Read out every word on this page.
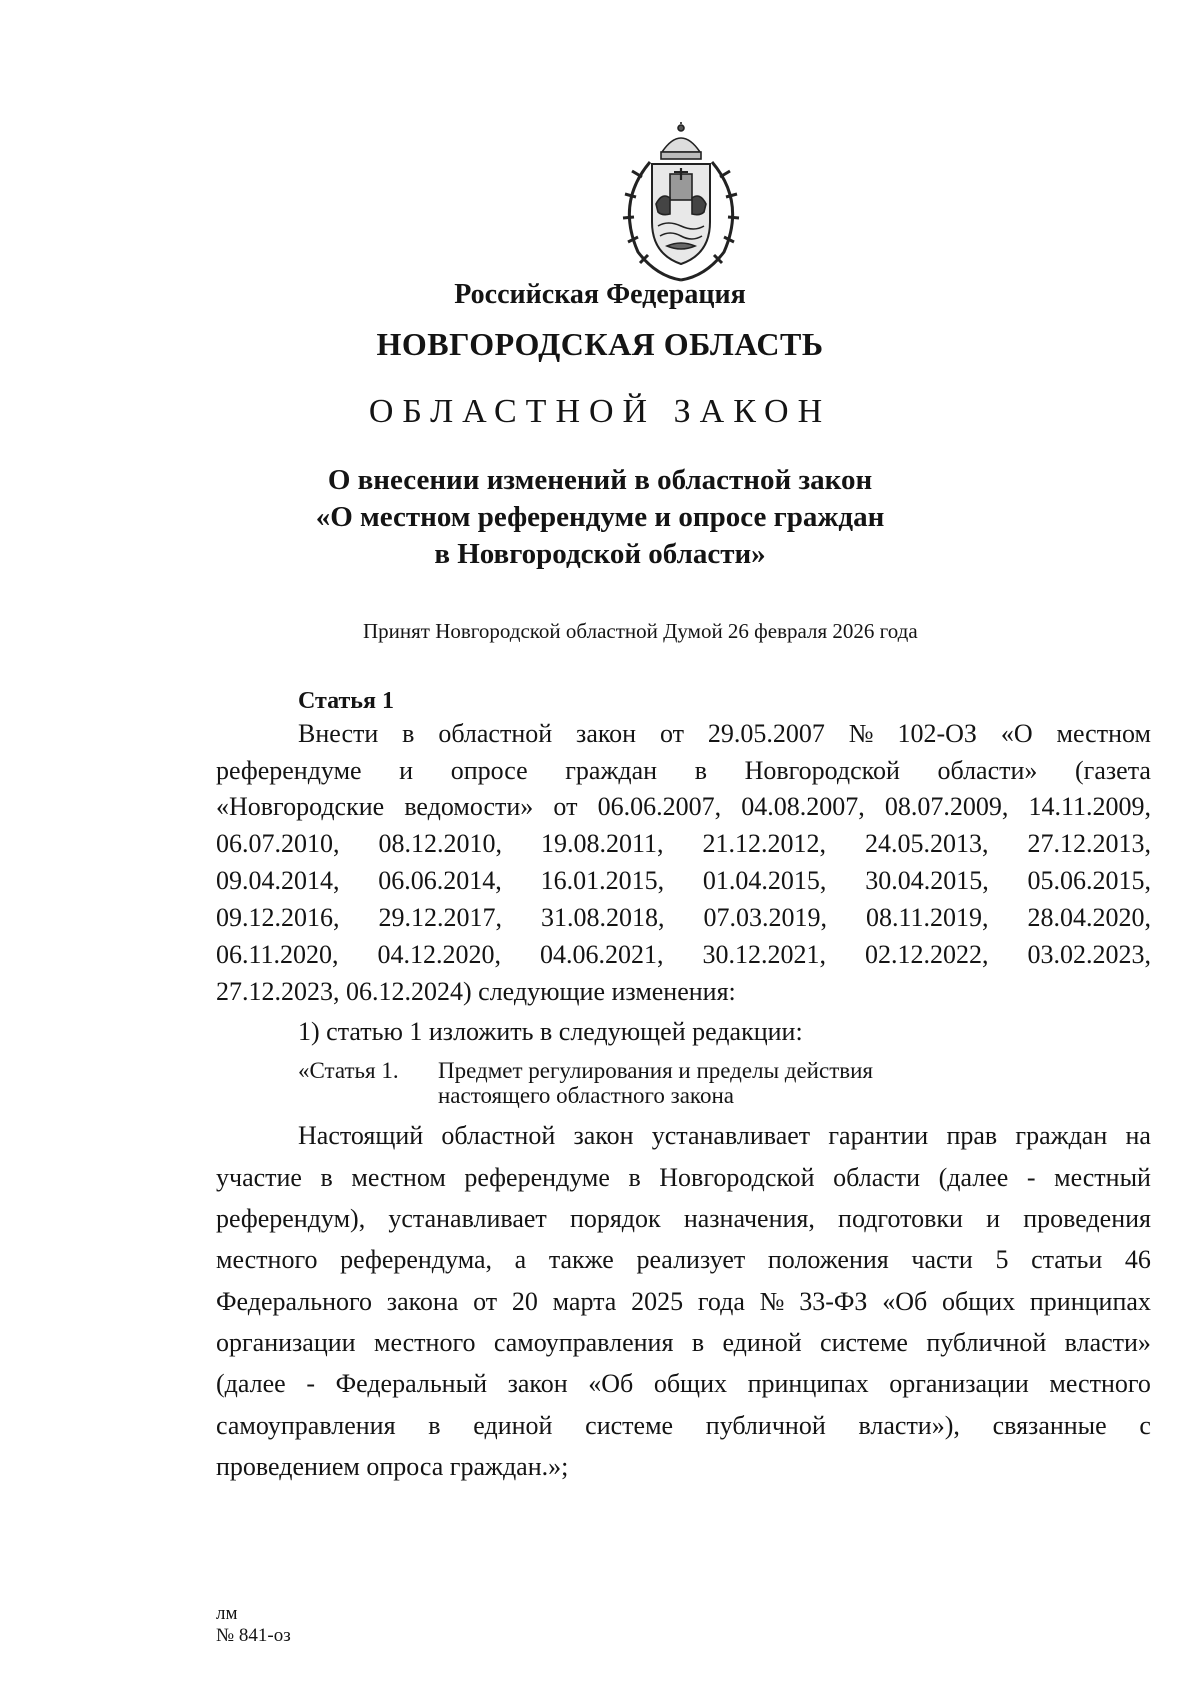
Российская Федерация
НОВГОРОДСКАЯ ОБЛАСТЬ
ОБЛАСТНОЙ ЗАКОН
О внесении изменений в областной закон
«О местном референдуме и опросе граждан
в Новгородской области»
Принят Новгородской областной Думой 26 февраля 2026 года
Статья 1
Внести в областной закон от 29.05.2007 № 102-ОЗ «О местном
референдуме и опросе граждан в Новгородской области» (газета
«Новгородские ведомости» от 06.06.2007, 04.08.2007, 08.07.2009, 14.11.2009,
06.07.2010, 08.12.2010, 19.08.2011, 21.12.2012, 24.05.2013, 27.12.2013,
09.04.2014, 06.06.2014, 16.01.2015, 01.04.2015, 30.04.2015, 05.06.2015,
09.12.2016, 29.12.2017, 31.08.2018, 07.03.2019, 08.11.2019, 28.04.2020,
06.11.2020, 04.12.2020, 04.06.2021, 30.12.2021, 02.12.2022, 03.02.2023,
27.12.2023, 06.12.2024) следующие изменения:
1) статью 1 изложить в следующей редакции:
Настоящий областной закон устанавливает гарантии прав граждан на
участие в местном референдуме в Новгородской области (далее - местный
референдум), устанавливает порядок назначения, подготовки и проведения
местного референдума, а также реализует положения части 5 статьи 46
Федерального закона от 20 марта 2025 года № 33-ФЗ «Об общих принципах
организации местного самоуправления в единой системе публичной власти»
(далее - Федеральный закон «Об общих принципах организации местного
самоуправления в единой системе публичной власти»), связанные с
проведением опроса граждан.»;
«Статья 1. Предмет регулирования и пределы действия
настоящего областного закона
лм
№ 841-оз
